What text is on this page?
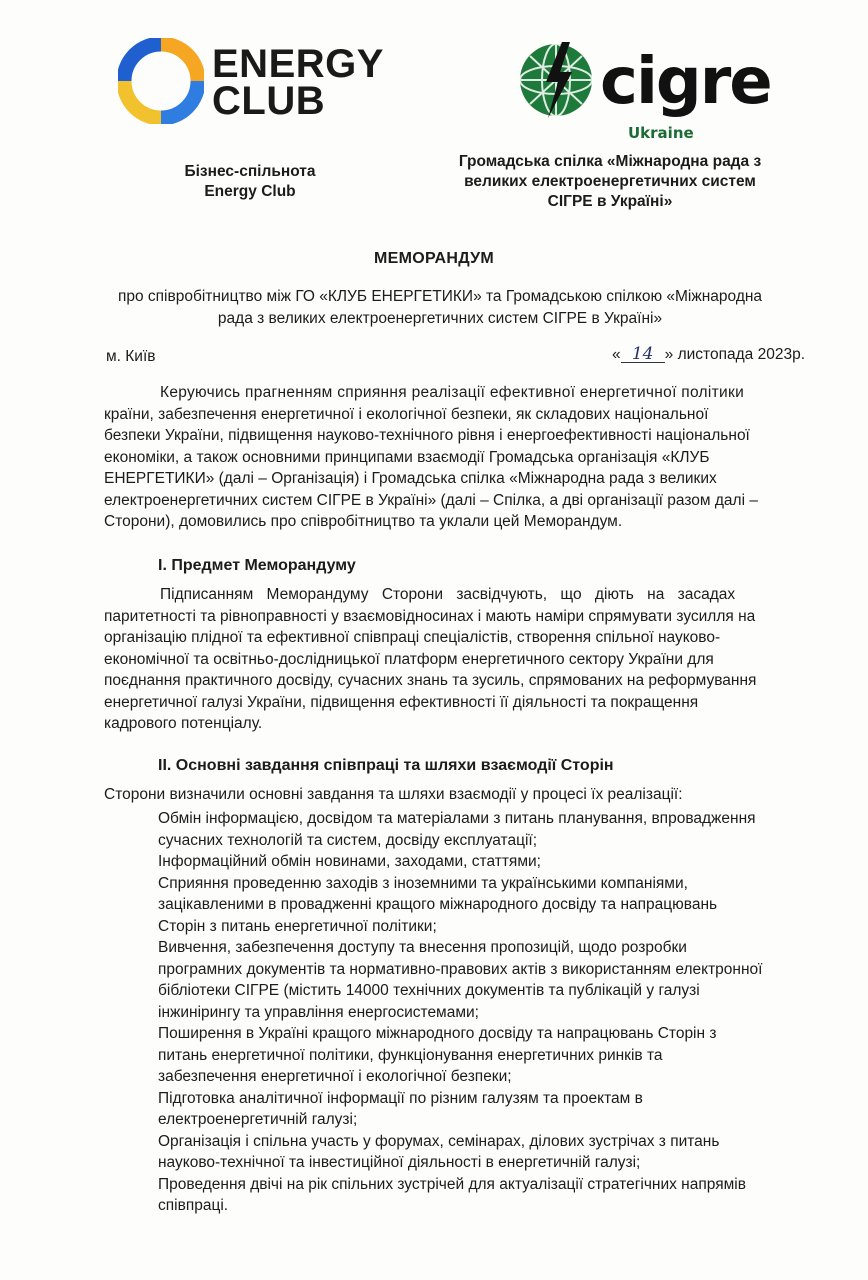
ENERGY
CLUB	cigre
Ukraine
Бізнес-спільнота
Energy Club
Громадська спілка «Міжнародна рада з
великих електроенергетичних систем
СІГРЕ в Україні»
МЕМОРАНДУМ
про співробітництво між ГО «КЛУБ ЕНЕРГЕТИКИ» та Громадською спілкою «Міжнародна
рада з великих електроенергетичних систем СІГРЕ в Україні»
м. Київ	« 14 » листопада 2023р.
Керуючись прагненням сприяння реалізації ефективної енергетичної політики
країни, забезпечення енергетичної і екологічної безпеки, як складових національної
безпеки України, підвищення науково-технічного рівня і енергоефективності національної
економіки, а також основними принципами взаємодії Громадська організація «КЛУБ
ЕНЕРГЕТИКИ» (далі – Організація) і Громадська спілка «Міжнародна рада з великих
електроенергетичних систем СІГРЕ в Україні» (далі – Спілка, а дві організації разом далі –
Сторони), домовились про співробітництво та уклали цей Меморандум.
І. Предмет Меморандуму
Підписанням Меморандуму Сторони засвідчують, що діють на засадах
паритетності та рівноправності у взаємовідносинах і мають наміри спрямувати зусилля на
організацію плідної та ефективної співпраці спеціалістів, створення спільної науково-
економічної та освітньо-дослідницької платформ енергетичного сектору України для
поєднання практичного досвіду, сучасних знань та зусиль, спрямованих на реформування
енергетичної галузі України, підвищення ефективності її діяльності та покращення
кадрового потенціалу.
ІІ. Основні завдання співпраці та шляхи взаємодії Сторін
Сторони визначили основні завдання та шляхи взаємодії у процесі їх реалізації:
Обмін інформацією, досвідом та матеріалами з питань планування, впровадження
сучасних технологій та систем, досвіду експлуатації;
Інформаційний обмін новинами, заходами, статтями;
Сприяння проведенню заходів з іноземними та українськими компаніями,
зацікавленими в провадженні кращого міжнародного досвіду та напрацювань
Сторін з питань енергетичної політики;
Вивчення, забезпечення доступу та внесення пропозицій, щодо розробки
програмних документів та нормативно-правових актів з використанням електронної
бібліотеки СІГРЕ (містить 14000 технічних документів та публікацій у галузі
інжинірингу та управління енергосистемами;
Поширення в Україні кращого міжнародного досвіду та напрацювань Сторін з
питань енергетичної політики, функціонування енергетичних ринків та
забезпечення енергетичної і екологічної безпеки;
Підготовка аналітичної інформації по різним галузям та проектам в
електроенергетичній галузі;
Організація і спільна участь у форумах, семінарах, ділових зустрічах з питань
науково-технічної та інвестиційної діяльності в енергетичній галузі;
Проведення двічі на рік спільних зустрічей для актуалізації стратегічних напрямів
співпраці.
